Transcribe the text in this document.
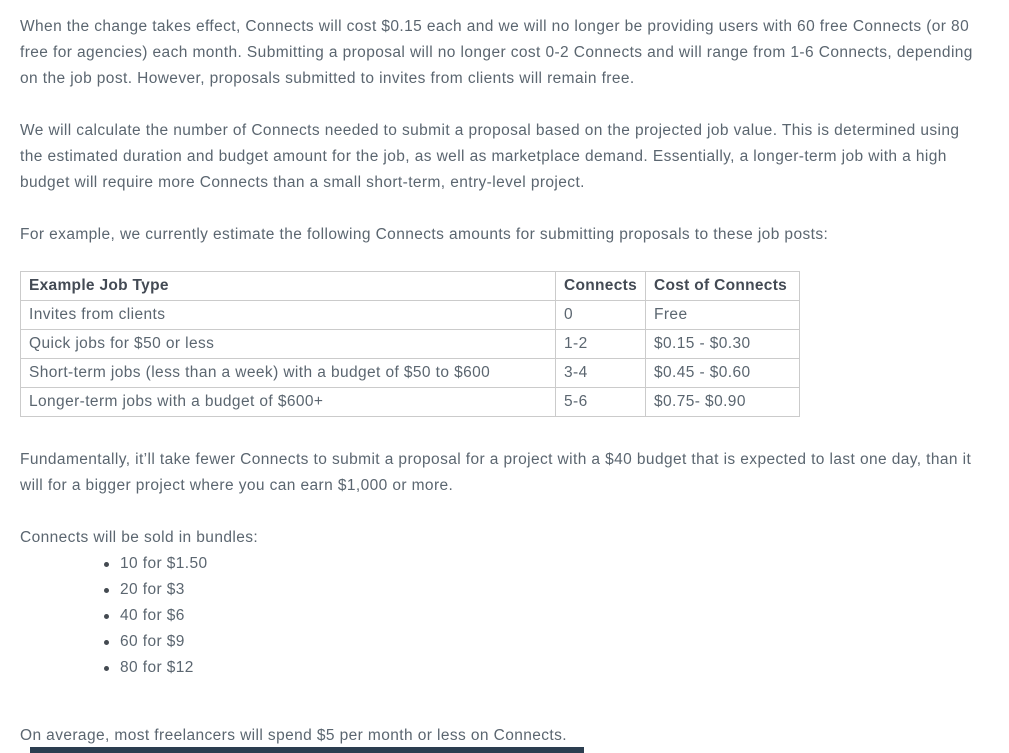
When the change takes effect, Connects will cost $0.15 each and we will no longer be providing users with 60 free Connects (or 80 free for agencies) each month. Submitting a proposal will no longer cost 0-2 Connects and will range from 1-6 Connects, depending on the job post. However, proposals submitted to invites from clients will remain free.

We will calculate the number of Connects needed to submit a proposal based on the projected job value. This is determined using the estimated duration and budget amount for the job, as well as marketplace demand. Essentially, a longer-term job with a high budget will require more Connects than a small short-term, entry-level project.

For example, we currently estimate the following Connects amounts for submitting proposals to these job posts:

Example Job Type	Connects	Cost of Connects
Invites from clients	0	Free
Quick jobs for $50 or less	1-2	$0.15 - $0.30
Short-term jobs (less than a week) with a budget of $50 to $600	3-4	$0.45 - $0.60
Longer-term jobs with a budget of $600+	5-6	$0.75- $0.90

Fundamentally, it’ll take fewer Connects to submit a proposal for a project with a $40 budget that is expected to last one day, than it will for a bigger project where you can earn $1,000 or more.

Connects will be sold in bundles:

10 for $1.50
20 for $3
40 for $6
60 for $9
80 for $12

On average, most freelancers will spend $5 per month or less on Connects.
